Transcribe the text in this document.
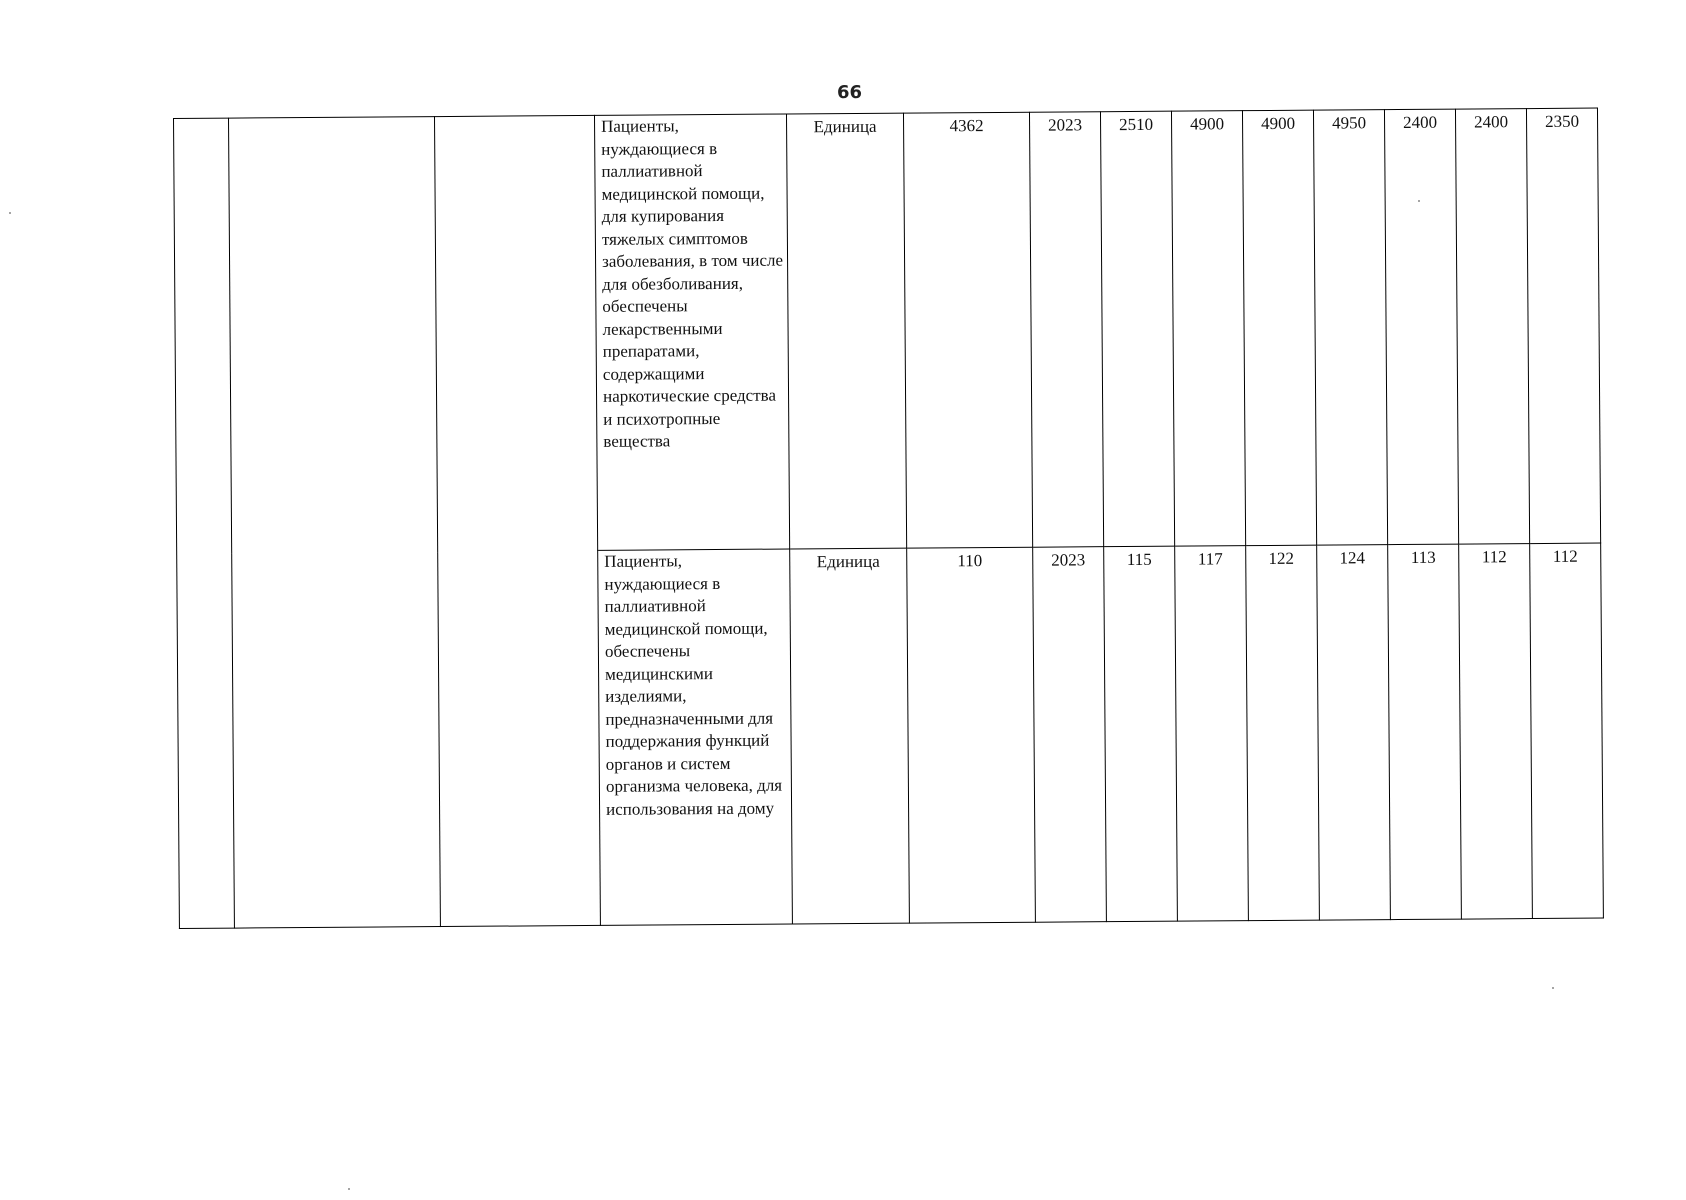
66
			Пациенты, нуждающиеся в паллиативной медицинской помощи, для купирования тяжелых симптомов заболевания, в том числе для обезболивания, обеспечены лекарственными препаратами, содержащими наркотические средства и психотропные вещества	Единица	4362	2023	2510	4900	4900	4950	2400	2400	2350
			Пациенты, нуждающиеся в паллиативной медицинской помощи, обеспечены медицинскими изделиями, предназначенными для поддержания функций органов и систем организма человека, для использования на дому	Единица	110	2023	115	117	122	124	113	112	112
